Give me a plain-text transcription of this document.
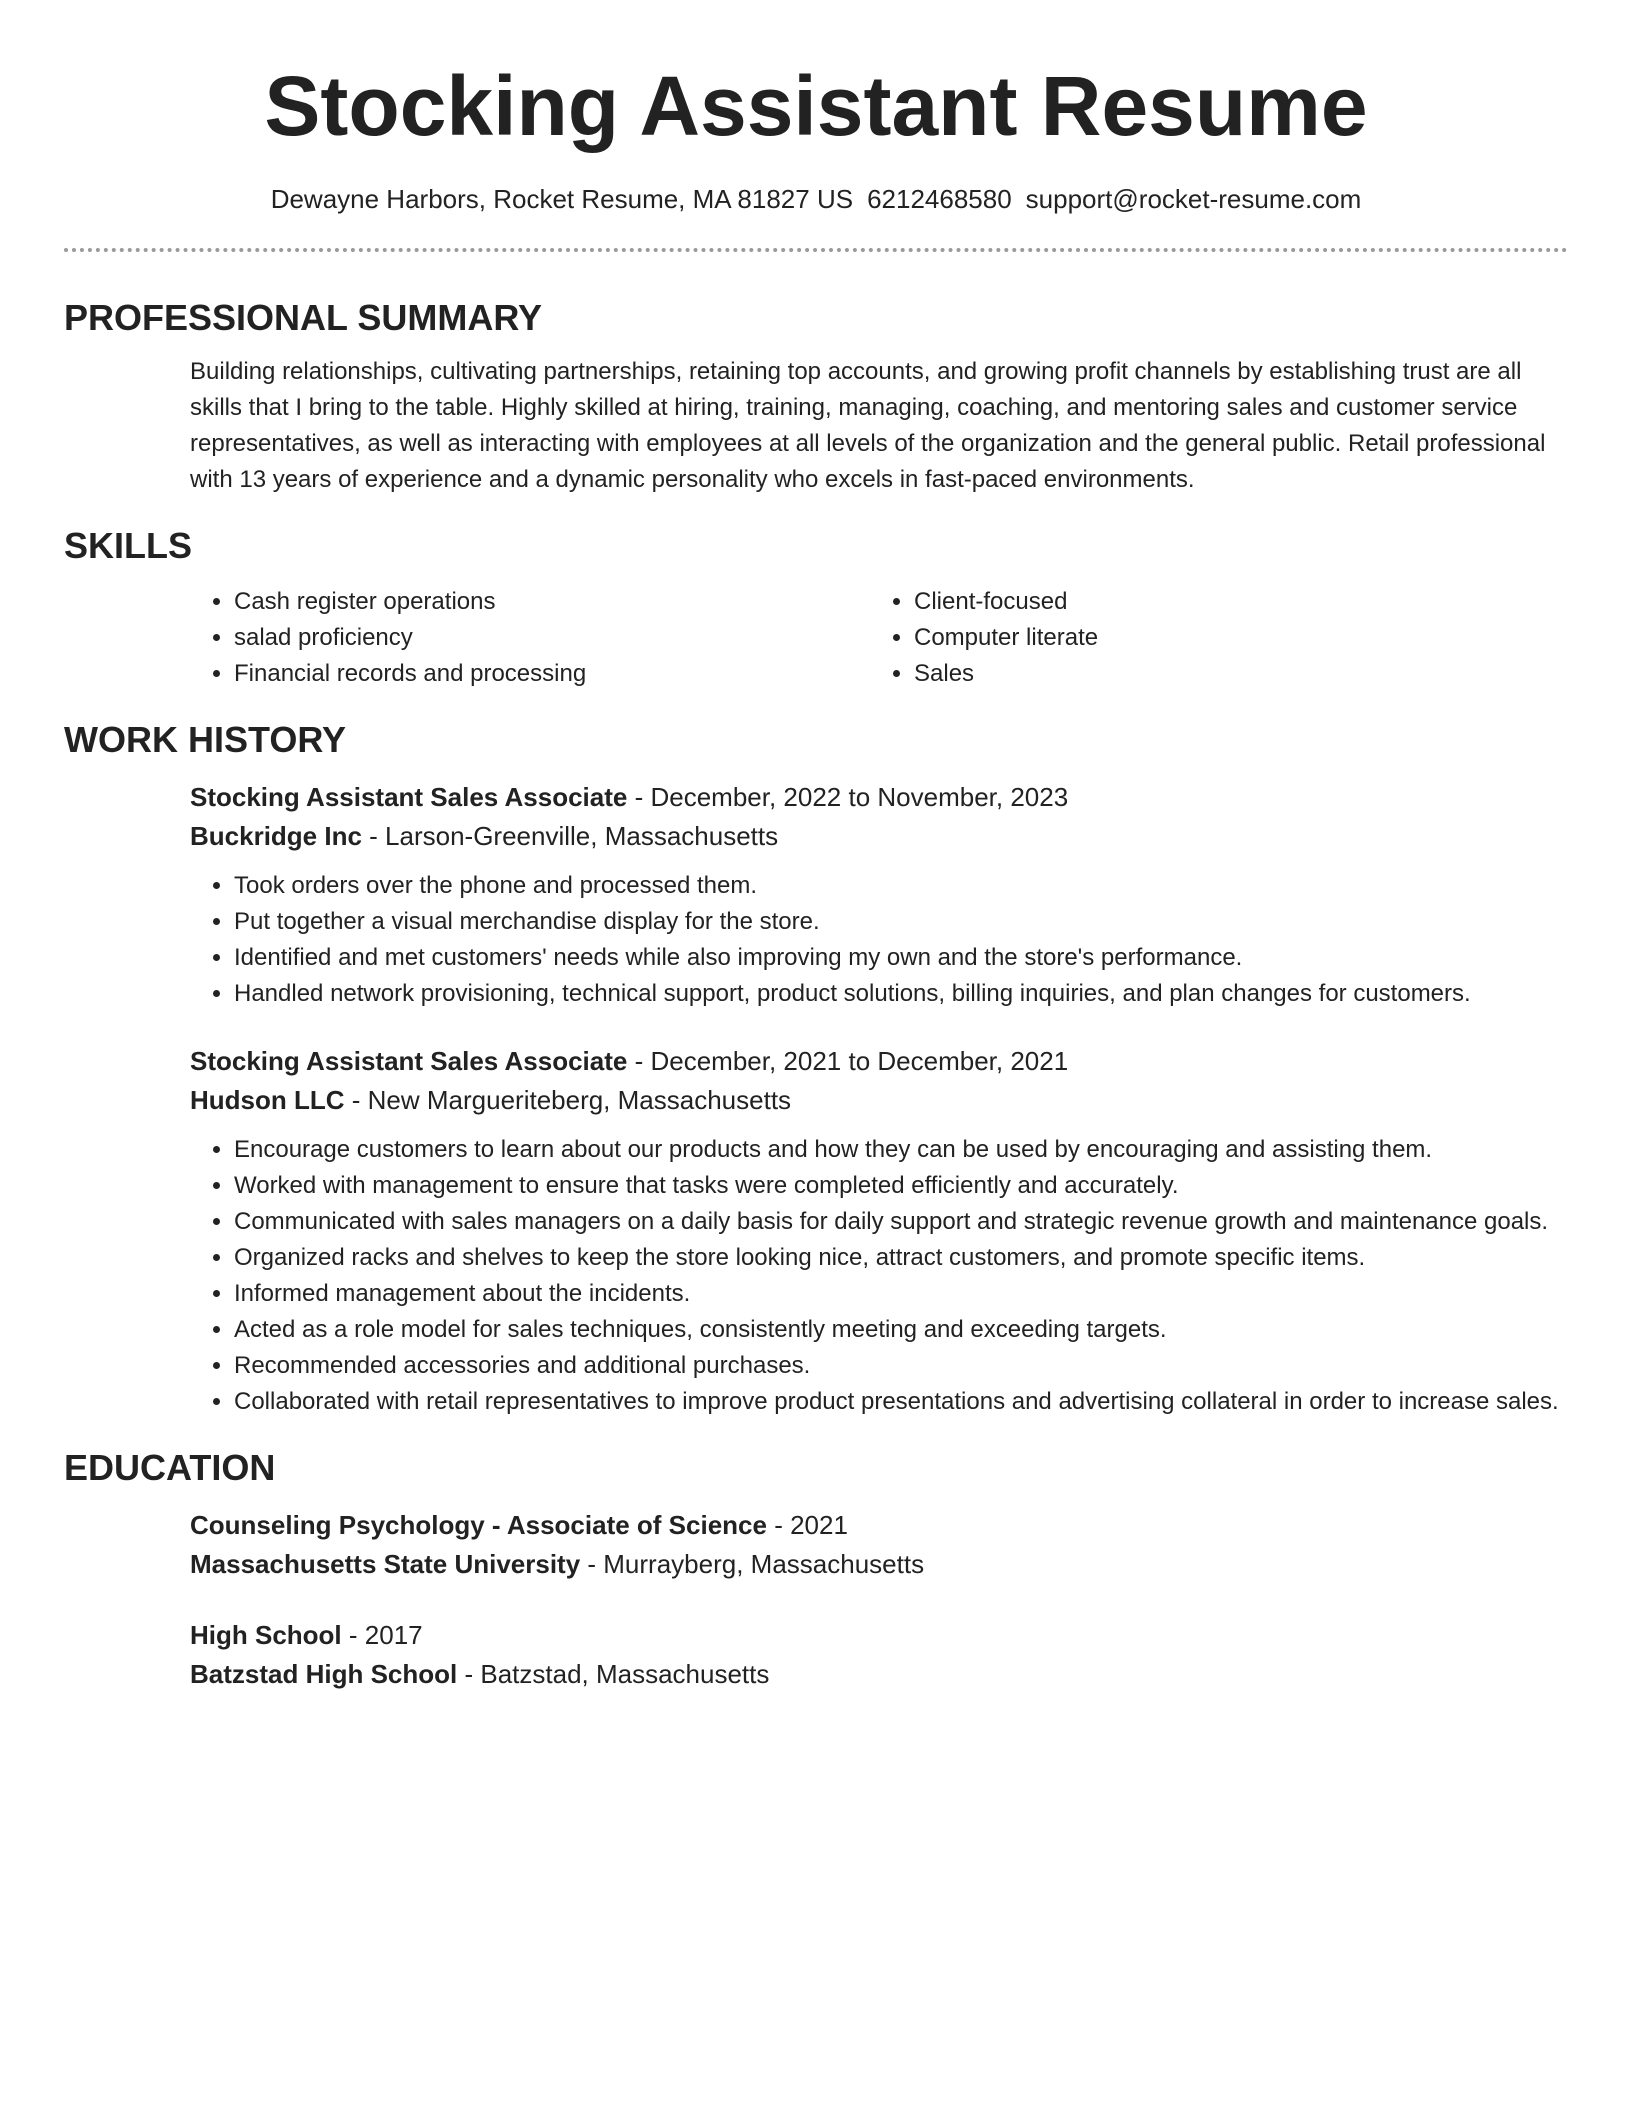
Stocking Assistant Resume
Dewayne Harbors, Rocket Resume, MA 81827 US 6212468580 support@rocket-resume.com
PROFESSIONAL SUMMARY

Building relationships, cultivating partnerships, retaining top accounts, and growing profit channels by establishing trust are all skills that I bring to the table. Highly skilled at hiring, training, managing, coaching, and mentoring sales and customer service representatives, as well as interacting with employees at all levels of the organization and the general public. Retail professional with 13 years of experience and a dynamic personality who excels in fast-paced environments.

SKILLS
• Cash register operations
• salad proficiency
• Financial records and processing
• Client-focused
• Computer literate
• Sales
WORK HISTORY

Stocking Assistant Sales Associate - December, 2022 to November, 2023

Buckridge Inc - Larson-Greenville, Massachusetts

• Took orders over the phone and processed them.
• Put together a visual merchandise display for the store.
• Identified and met customers' needs while also improving my own and the store's performance.
• Handled network provisioning, technical support, product solutions, billing inquiries, and plan changes for customers.

Stocking Assistant Sales Associate - December, 2021 to December, 2021

Hudson LLC - New Margueriteberg, Massachusetts

• Encourage customers to learn about our products and how they can be used by encouraging and assisting them.
• Worked with management to ensure that tasks were completed efficiently and accurately.
• Communicated with sales managers on a daily basis for daily support and strategic revenue growth and maintenance goals.
• Organized racks and shelves to keep the store looking nice, attract customers, and promote specific items.
• Informed management about the incidents.
• Acted as a role model for sales techniques, consistently meeting and exceeding targets.
• Recommended accessories and additional purchases.
• Collaborated with retail representatives to improve product presentations and advertising collateral in order to increase sales.
EDUCATION

Counseling Psychology - Associate of Science - 2021

Massachusetts State University - Murrayberg, Massachusetts

High School - 2017

Batzstad High School - Batzstad, Massachusetts
